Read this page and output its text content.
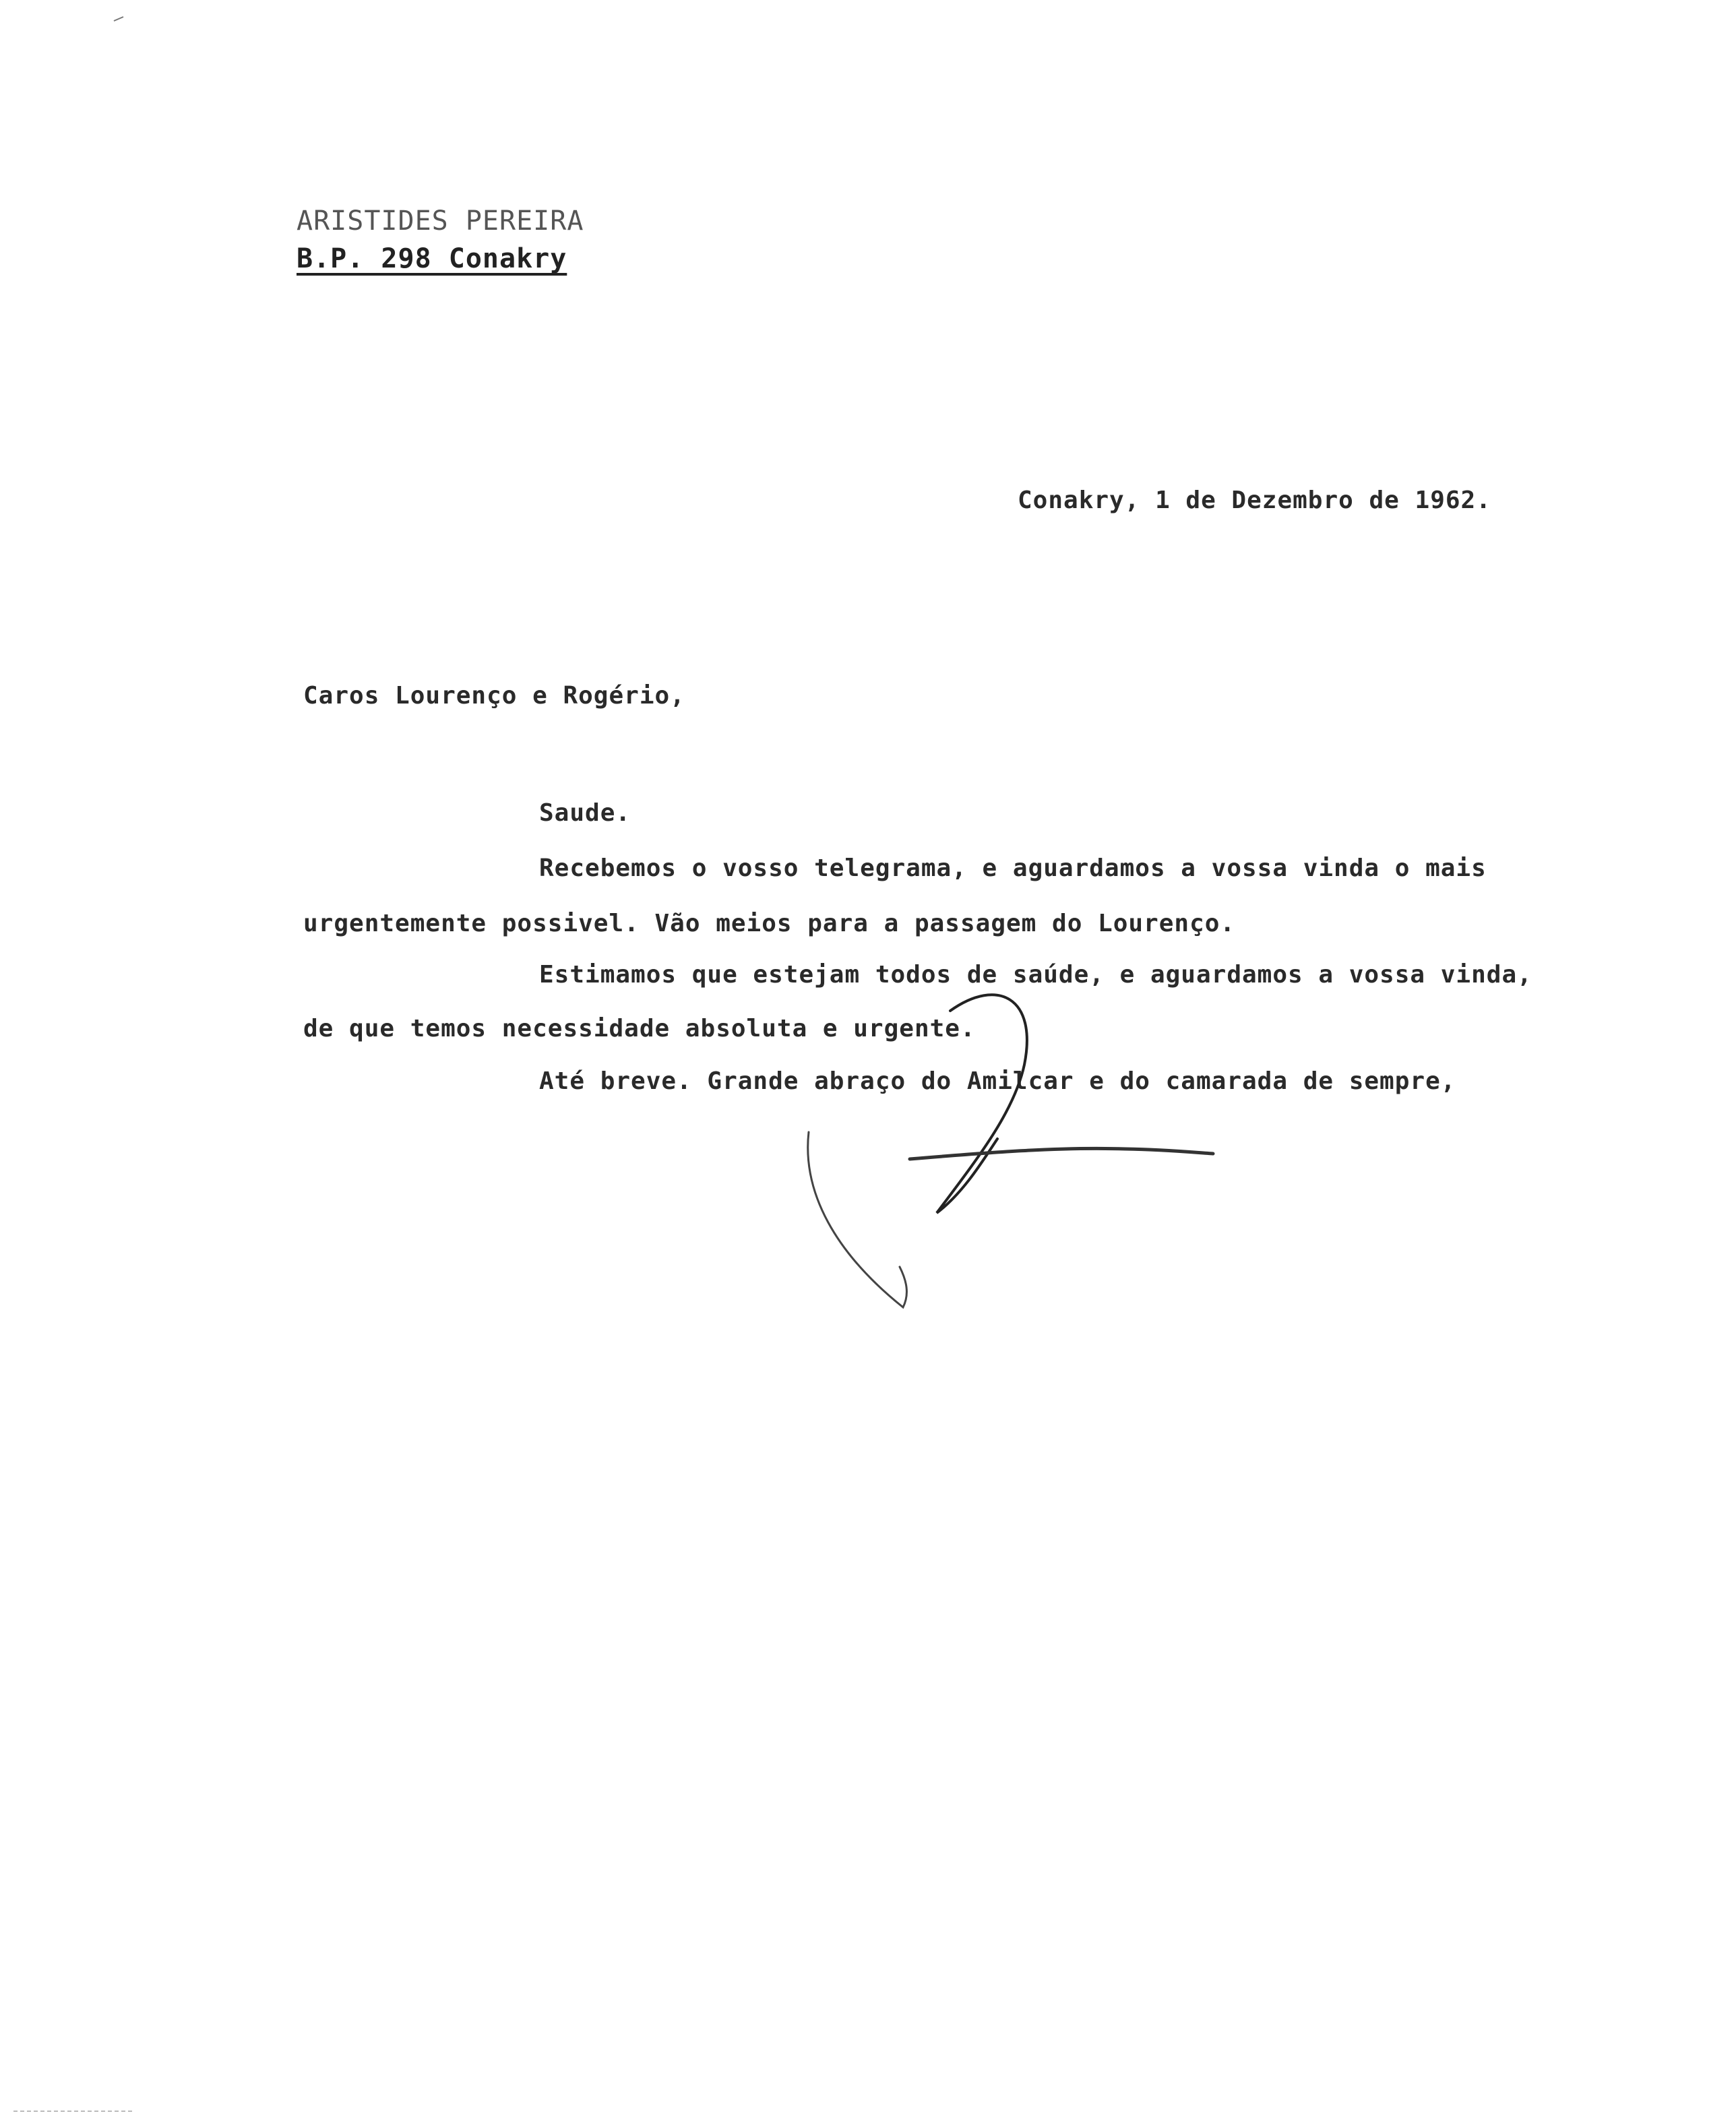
ARISTIDES PEREIRA
B.P. 298 Conakry
Conakry, 1 de Dezembro de 1962.
Caros Lourenço e Rogério,
Saude.
Recebemos o vosso telegrama, e aguardamos a vossa vinda o mais
urgentemente possivel. Vão meios para a passagem do Lourenço.
Estimamos que estejam todos de saúde, e aguardamos a vossa vinda,
de que temos necessidade absoluta e urgente.
Até breve. Grande abraço do Amilcar e do camarada de sempre,
